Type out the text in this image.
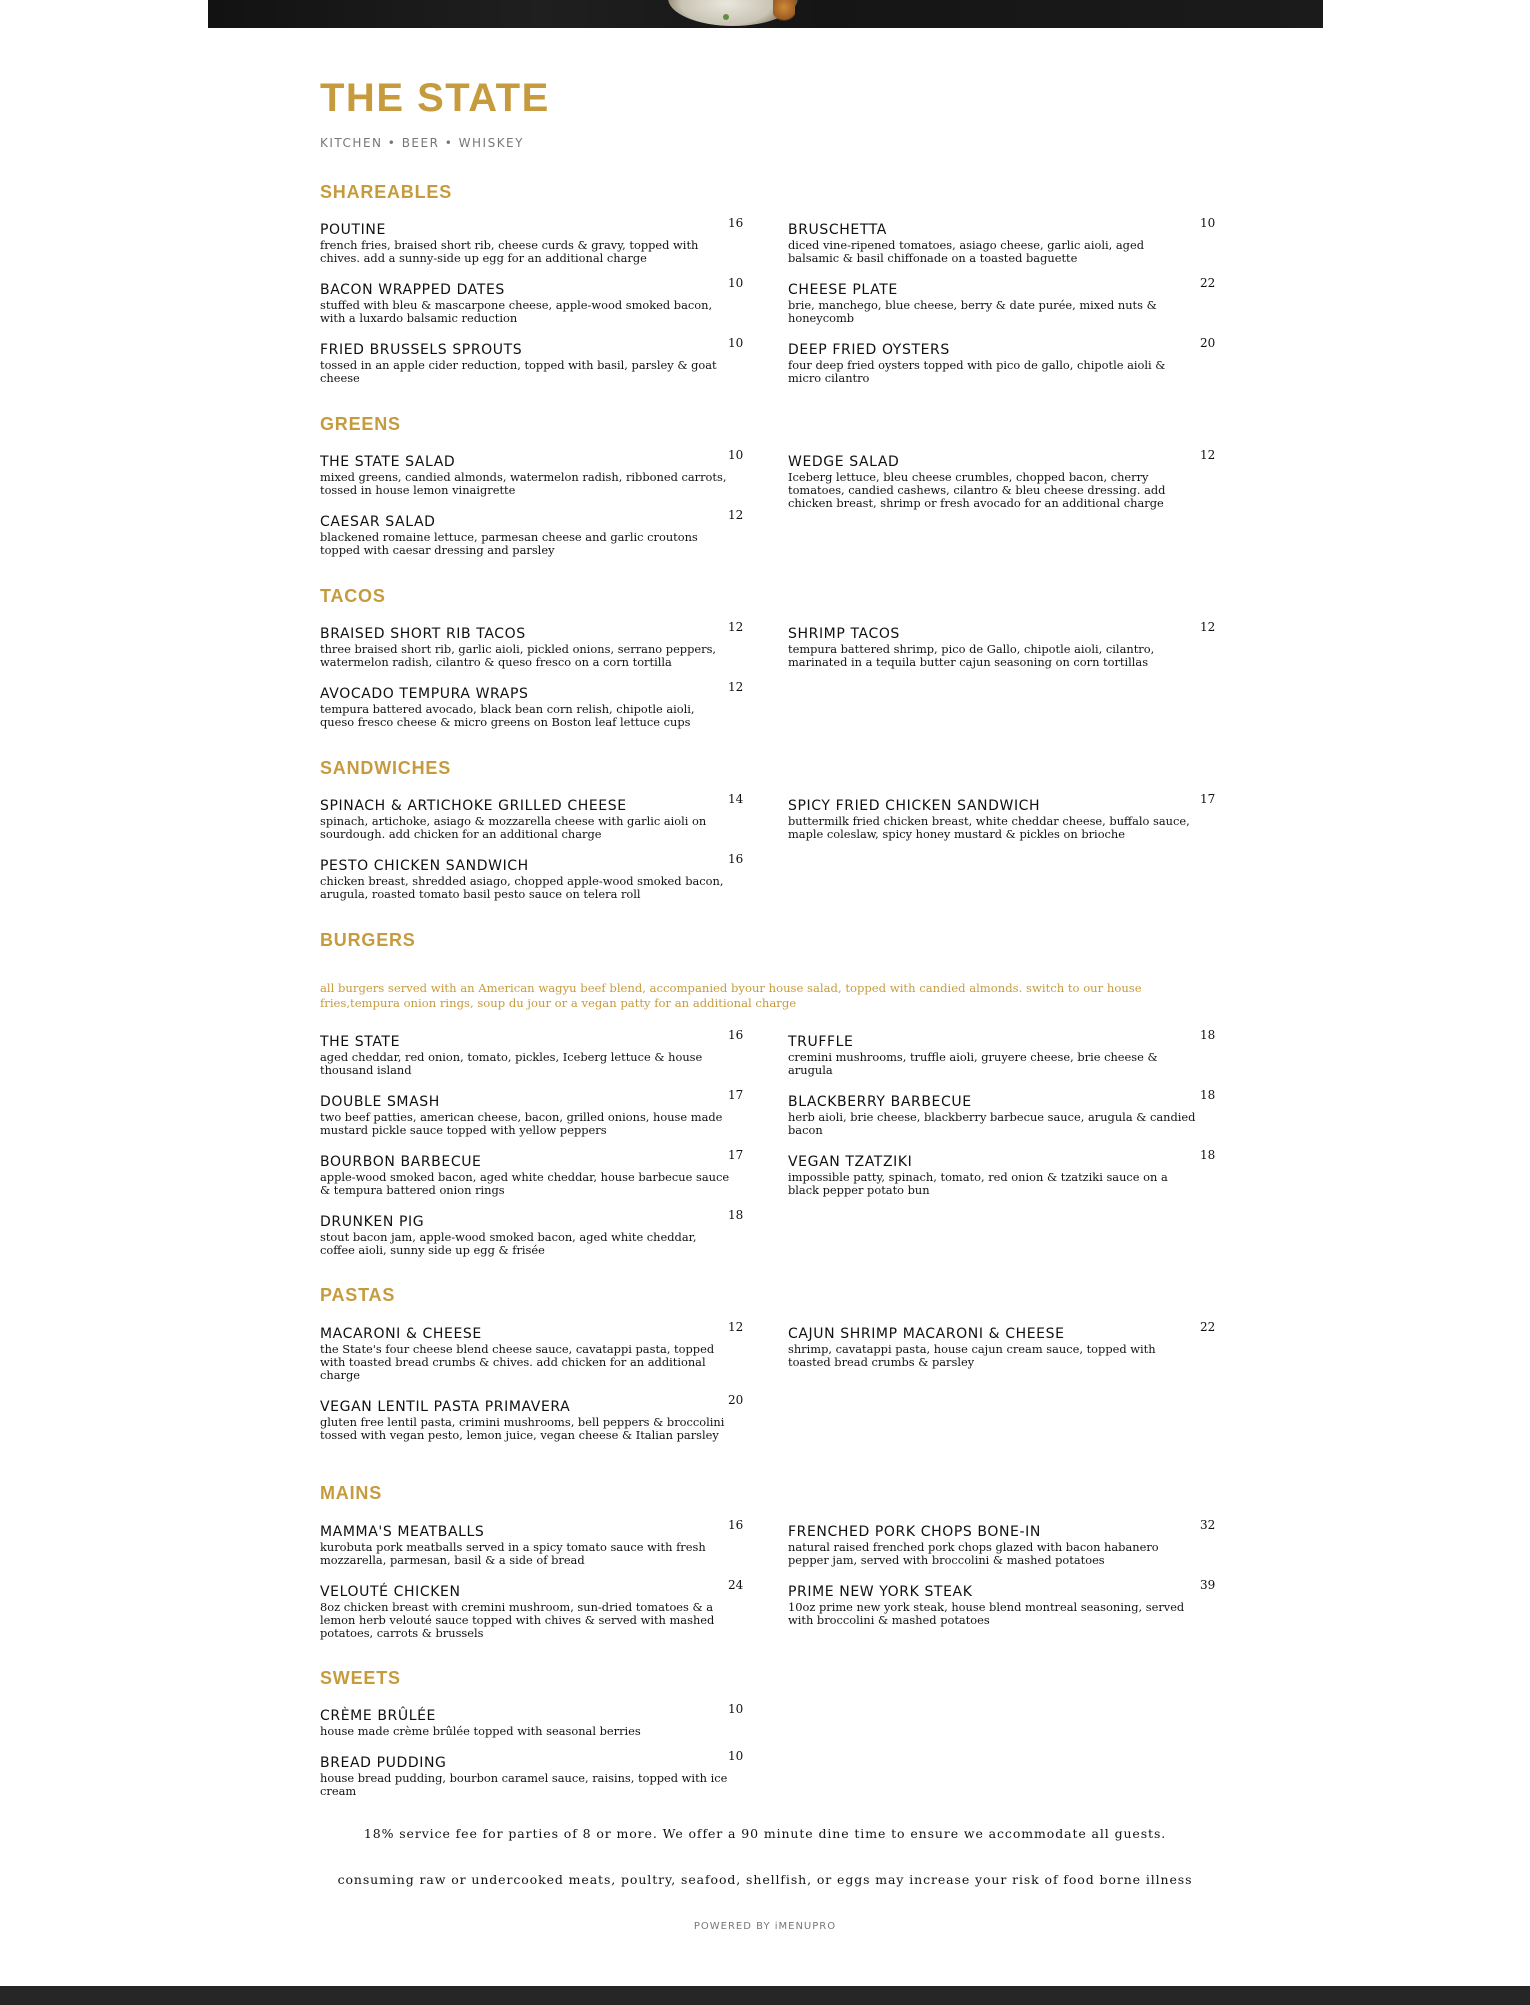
THE STATE
KITCHEN • BEER • WHISKEY
SHAREABLES
POUTINE
french fries, braised short rib, cheese curds & gravy, topped with chives. add a sunny-side up egg for an additional charge
16	BRUSCHETTA
diced vine-ripened tomatoes, asiago cheese, garlic aioli, aged balsamic & basil chiffonade on a toasted baguette
10
BACON WRAPPED DATES
stuffed with bleu & mascarpone cheese, apple-wood smoked bacon, with a luxardo balsamic reduction
10	CHEESE PLATE
brie, manchego, blue cheese, berry & date purée, mixed nuts & honeycomb
22
FRIED BRUSSELS SPROUTS
tossed in an apple cider reduction, topped with basil, parsley & goat cheese
10	DEEP FRIED OYSTERS
four deep fried oysters topped with pico de gallo, chipotle aioli & micro cilantro
20
GREENS
THE STATE SALAD
mixed greens, candied almonds, watermelon radish, ribboned carrots, tossed in house lemon vinaigrette
10	WEDGE SALAD
Iceberg lettuce, bleu cheese crumbles, chopped bacon, cherry tomatoes, candied cashews, cilantro & bleu cheese dressing. add chicken breast, shrimp or fresh avocado for an additional charge
12
CAESAR SALAD
blackened romaine lettuce, parmesan cheese and garlic croutons topped with caesar dressing and parsley
12
TACOS
BRAISED SHORT RIB TACOS
three braised short rib, garlic aioli, pickled onions, serrano peppers, watermelon radish, cilantro & queso fresco on a corn tortilla
12	SHRIMP TACOS
tempura battered shrimp, pico de Gallo, chipotle aioli, cilantro, marinated in a tequila butter cajun seasoning on corn tortillas
12
AVOCADO TEMPURA WRAPS
tempura battered avocado, black bean corn relish, chipotle aioli, queso fresco cheese & micro greens on Boston leaf lettuce cups
12
SANDWICHES
SPINACH & ARTICHOKE GRILLED CHEESE
spinach, artichoke, asiago & mozzarella cheese with garlic aioli on sourdough. add chicken for an additional charge
14	SPICY FRIED CHICKEN SANDWICH
buttermilk fried chicken breast, white cheddar cheese, buffalo sauce, maple coleslaw, spicy honey mustard & pickles on brioche
17
PESTO CHICKEN SANDWICH
chicken breast, shredded asiago, chopped apple-wood smoked bacon, arugula, roasted tomato basil pesto sauce on telera roll
16
BURGERS
all burgers served with an American wagyu beef blend, accompanied byour house salad, topped with candied almonds. switch to our house fries,tempura onion rings, soup du jour or a vegan patty for an additional charge
THE STATE
aged cheddar, red onion, tomato, pickles, Iceberg lettuce & house thousand island
16	TRUFFLE
cremini mushrooms, truffle aioli, gruyere cheese, brie cheese & arugula
18
DOUBLE SMASH
two beef patties, american cheese, bacon, grilled onions, house made mustard pickle sauce topped with yellow peppers
17	BLACKBERRY BARBECUE
herb aioli, brie cheese, blackberry barbecue sauce, arugula & candied bacon
18
BOURBON BARBECUE
apple-wood smoked bacon, aged white cheddar, house barbecue sauce & tempura battered onion rings
17	VEGAN TZATZIKI
impossible patty, spinach, tomato, red onion & tzatziki sauce on a black pepper potato bun
18
DRUNKEN PIG
stout bacon jam, apple-wood smoked bacon, aged white cheddar, coffee aioli, sunny side up egg & frisée
18
PASTAS
MACARONI & CHEESE
the State's four cheese blend cheese sauce, cavatappi pasta, topped with toasted bread crumbs & chives. add chicken for an additional charge
12	CAJUN SHRIMP MACARONI & CHEESE
shrimp, cavatappi pasta, house cajun cream sauce, topped with toasted bread crumbs & parsley
22
VEGAN LENTIL PASTA PRIMAVERA
gluten free lentil pasta, crimini mushrooms, bell peppers & broccolini tossed with vegan pesto, lemon juice, vegan cheese & Italian parsley
20
MAINS
MAMMA'S MEATBALLS
kurobuta pork meatballs served in a spicy tomato sauce with fresh mozzarella, parmesan, basil & a side of bread
16	FRENCHED PORK CHOPS BONE-IN
natural raised frenched pork chops glazed with bacon habanero pepper jam, served with broccolini & mashed potatoes
32
VELOUTÉ CHICKEN
8oz chicken breast with cremini mushroom, sun-dried tomatoes & a lemon herb velouté sauce topped with chives & served with mashed potatoes, carrots & brussels
24	PRIME NEW YORK STEAK
10oz prime new york steak, house blend montreal seasoning, served with broccolini & mashed potatoes
39
SWEETS
CRÈME BRÛLÉE
house made crème brûlée topped with seasonal berries
10
BREAD PUDDING
house bread pudding, bourbon caramel sauce, raisins, topped with ice cream
10
18% service fee for parties of 8 or more. We offer a 90 minute dine time to ensure we accommodate all guests.
consuming raw or undercooked meats, poultry, seafood, shellfish, or eggs may increase your risk of food borne illness
POWERED BY iMENUPRO
